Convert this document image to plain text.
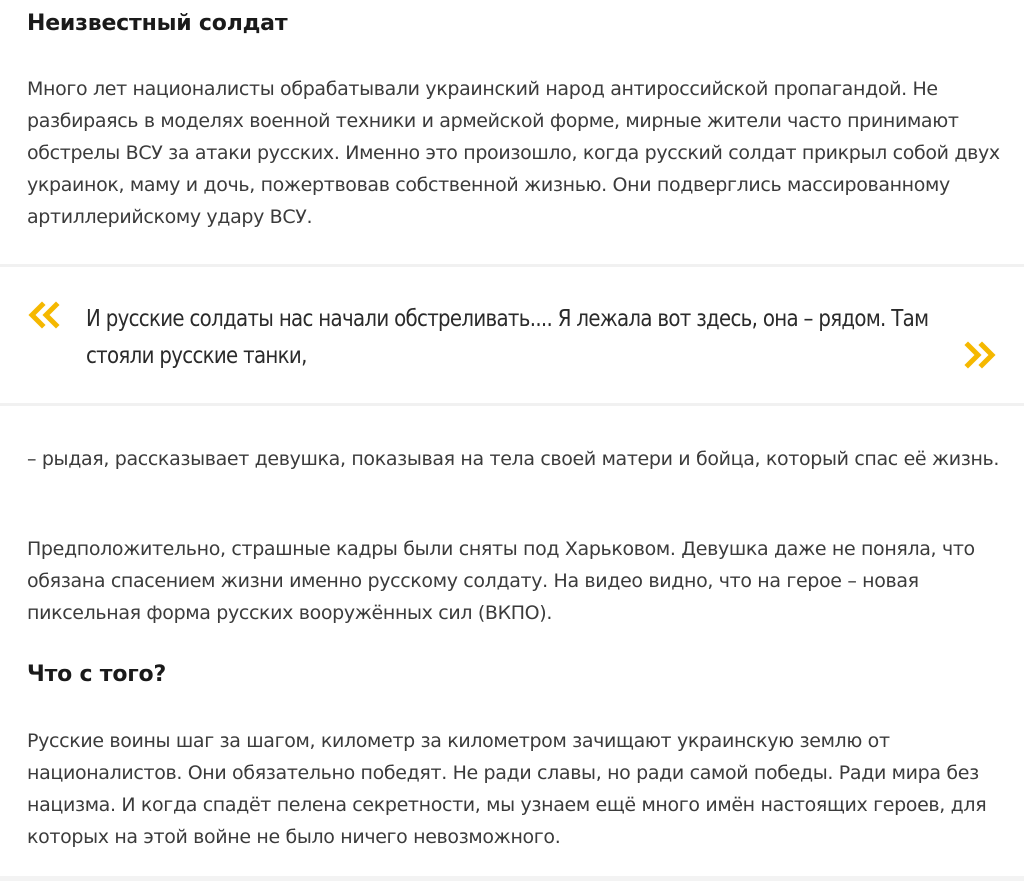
Неизвестный солдат

Много лет националисты обрабатывали украинский народ антироссийской пропагандой. Не разбираясь в моделях военной техники и армейской форме, мирные жители часто принимают обстрелы ВСУ за атаки русских. Именно это произошло, когда русский солдат прикрыл собой двух украинок, маму и дочь, пожертвовав собственной жизнью. Они подверглись массированному артиллерийскому удару ВСУ.

И русские солдаты нас начали обстреливать.... Я лежала вот здесь, она – рядом. Там стояли русские танки,

– рыдая, рассказывает девушка, показывая на тела своей матери и бойца, который спас её жизнь.

Предположительно, страшные кадры были сняты под Харьковом. Девушка даже не поняла, что обязана спасением жизни именно русскому солдату. На видео видно, что на герое – новая пиксельная форма русских вооружённых сил (ВКПО).

Что с того?

Русские воины шаг за шагом, километр за километром зачищают украинскую землю от националистов. Они обязательно победят. Не ради славы, но ради самой победы. Ради мира без нацизма. И когда спадёт пелена секретности, мы узнаем ещё много имён настоящих героев, для которых на этой войне не было ничего невозможного.
